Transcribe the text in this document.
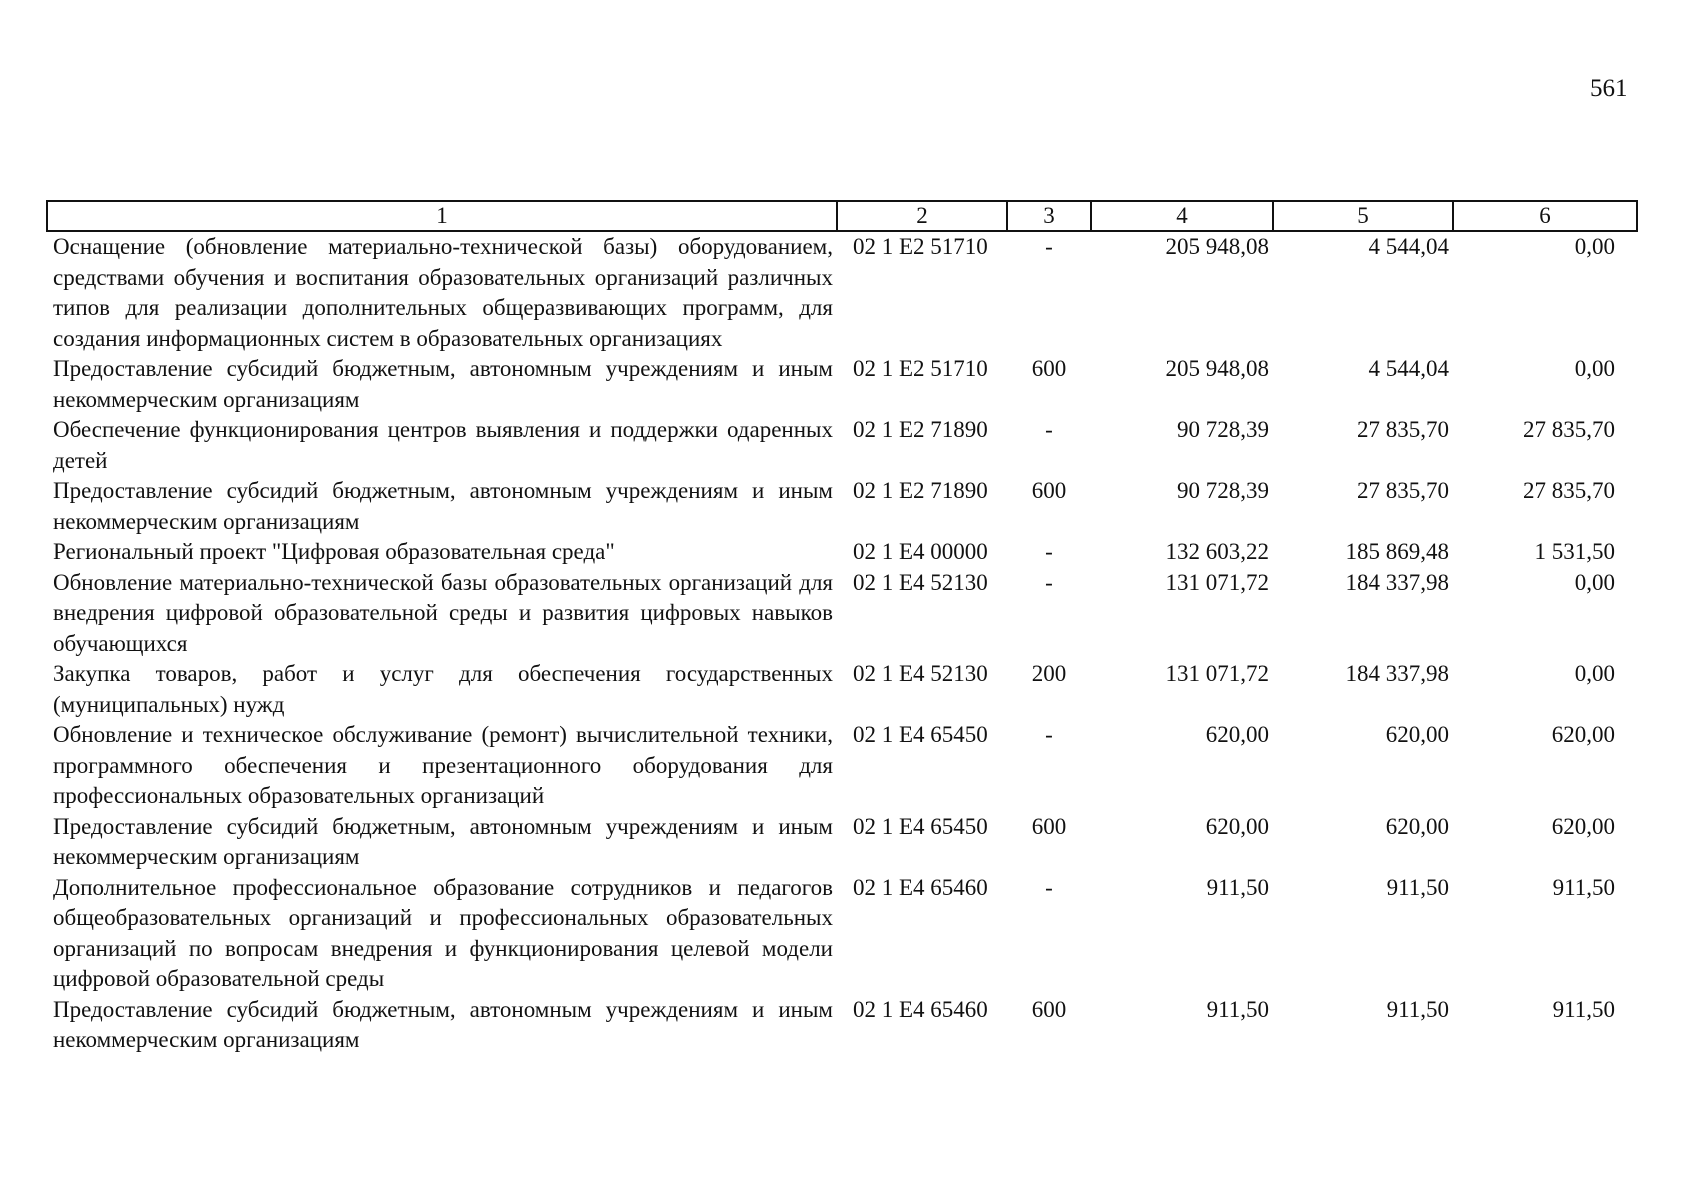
561
1	2	3	4	5	6
Оснащение (обновление материально-технической базы) оборудованием, средствами обучения и воспитания образовательных организаций различных типов для реализации дополнительных общеразвивающих программ, для создания информационных систем в образовательных организациях	02 1 E2 51710	-	205 948,08	4 544,04	0,00
Предоставление субсидий бюджетным, автономным учреждениям и иным некоммерческим организациям	02 1 E2 51710	600	205 948,08	4 544,04	0,00
Обеспечение функционирования центров выявления и поддержки одаренных детей	02 1 E2 71890	-	90 728,39	27 835,70	27 835,70
Предоставление субсидий бюджетным, автономным учреждениям и иным некоммерческим организациям	02 1 E2 71890	600	90 728,39	27 835,70	27 835,70
Региональный проект "Цифровая образовательная среда"	02 1 E4 00000	-	132 603,22	185 869,48	1 531,50
Обновление материально-технической базы образовательных организаций для внедрения цифровой образовательной среды и развития цифровых навыков обучающихся	02 1 E4 52130	-	131 071,72	184 337,98	0,00
Закупка товаров, работ и услуг для обеспечения государственных (муниципальных) нужд	02 1 E4 52130	200	131 071,72	184 337,98	0,00
Обновление и техническое обслуживание (ремонт) вычислительной техники, программного обеспечения и презентационного оборудования для профессиональных образовательных организаций	02 1 E4 65450	-	620,00	620,00	620,00
Предоставление субсидий бюджетным, автономным учреждениям и иным некоммерческим организациям	02 1 E4 65450	600	620,00	620,00	620,00
Дополнительное профессиональное образование сотрудников и педагогов общеобразовательных организаций и профессиональных образовательных организаций по вопросам внедрения и функционирования целевой модели цифровой образовательной среды	02 1 E4 65460	-	911,50	911,50	911,50
Предоставление субсидий бюджетным, автономным учреждениям и иным некоммерческим организациям	02 1 E4 65460	600	911,50	911,50	911,50
